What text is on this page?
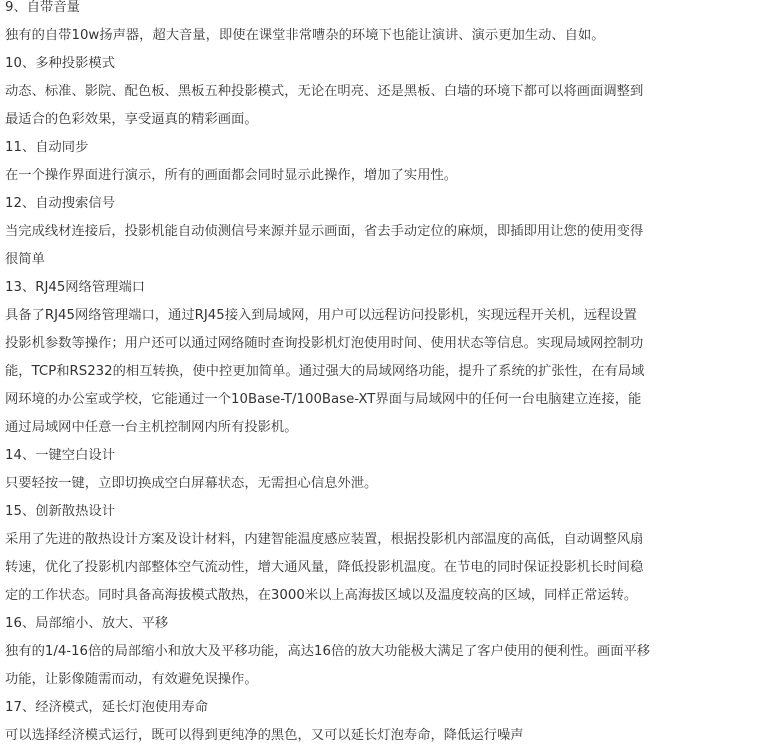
9、自带音量

独有的自带10w扬声器，超大音量，即使在课堂非常嘈杂的环境下也能让演讲、演示更加生动、自如。

10、多种投影模式

动态、标准、影院、配色板、黑板五种投影模式，无论在明亮、还是黑板、白墙的环境下都可以将画面调整到

最适合的色彩效果，享受逼真的精彩画面。

11、自动同步

在一个操作界面进行演示，所有的画面都会同时显示此操作，增加了实用性。

12、自动搜索信号

当完成线材连接后，投影机能自动侦测信号来源并显示画面，省去手动定位的麻烦，即插即用让您的使用变得

很简单

13、RJ45网络管理端口

具备了RJ45网络管理端口，通过RJ45接入到局域网，用户可以远程访问投影机，实现远程开关机，远程设置

投影机参数等操作；用户还可以通过网络随时查询投影机灯泡使用时间、使用状态等信息。实现局域网控制功

能，TCP和RS232的相互转换，使中控更加简单。通过强大的局域网络功能，提升了系统的扩张性，在有局域

网环境的办公室或学校，它能通过一个10Base-T/100Base-XT界面与局域网中的任何一台电脑建立连接，能

通过局域网中任意一台主机控制网内所有投影机。

14、一键空白设计

只要轻按一键，立即切换成空白屏幕状态，无需担心信息外泄。

15、创新散热设计

采用了先进的散热设计方案及设计材料，内建智能温度感应装置，根据投影机内部温度的高低，自动调整风扇

转速，优化了投影机内部整体空气流动性，增大通风量，降低投影机温度。在节电的同时保证投影机长时间稳

定的工作状态。同时具备高海拔模式散热，在3000米以上高海拔区域以及温度较高的区域，同样正常运转。

16、局部缩小、放大、平移

独有的1/4-16倍的局部缩小和放大及平移功能，高达16倍的放大功能极大满足了客户使用的便利性。画面平移

功能，让影像随需而动，有效避免误操作。

17、经济模式，延长灯泡使用寿命

可以选择经济模式运行，既可以得到更纯净的黑色，又可以延长灯泡寿命，降低运行噪声
